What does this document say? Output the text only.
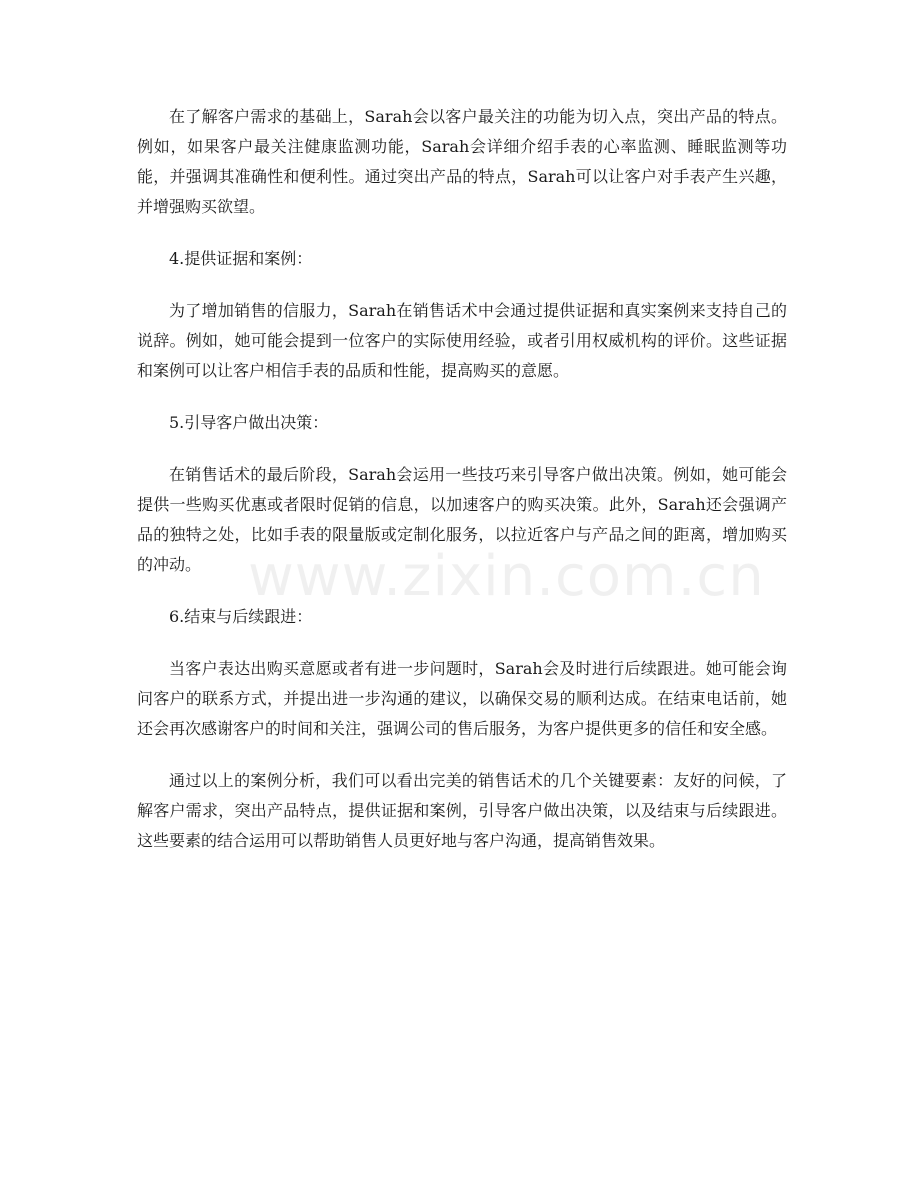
在了解客户需求的基础上，Sarah会以客户最关注的功能为切入点，突出产品的特点。例如，如果客户最关注健康监测功能，Sarah会详细介绍手表的心率监测、睡眠监测等功能，并强调其准确性和便利性。通过突出产品的特点，Sarah可以让客户对手表产生兴趣，并增强购买欲望。

4.提供证据和案例：

为了增加销售的信服力，Sarah在销售话术中会通过提供证据和真实案例来支持自己的说辞。例如，她可能会提到一位客户的实际使用经验，或者引用权威机构的评价。这些证据和案例可以让客户相信手表的品质和性能，提高购买的意愿。

5.引导客户做出决策：

在销售话术的最后阶段，Sarah会运用一些技巧来引导客户做出决策。例如，她可能会提供一些购买优惠或者限时促销的信息，以加速客户的购买决策。此外，Sarah还会强调产品的独特之处，比如手表的限量版或定制化服务，以拉近客户与产品之间的距离，增加购买的冲动。

6.结束与后续跟进：

当客户表达出购买意愿或者有进一步问题时，Sarah会及时进行后续跟进。她可能会询问客户的联系方式，并提出进一步沟通的建议，以确保交易的顺利达成。在结束电话前，她还会再次感谢客户的时间和关注，强调公司的售后服务，为客户提供更多的信任和安全感。

通过以上的案例分析，我们可以看出完美的销售话术的几个关键要素：友好的问候，了解客户需求，突出产品特点，提供证据和案例，引导客户做出决策，以及结束与后续跟进。这些要素的结合运用可以帮助销售人员更好地与客户沟通，提高销售效果。

www.zixin.com.cn
